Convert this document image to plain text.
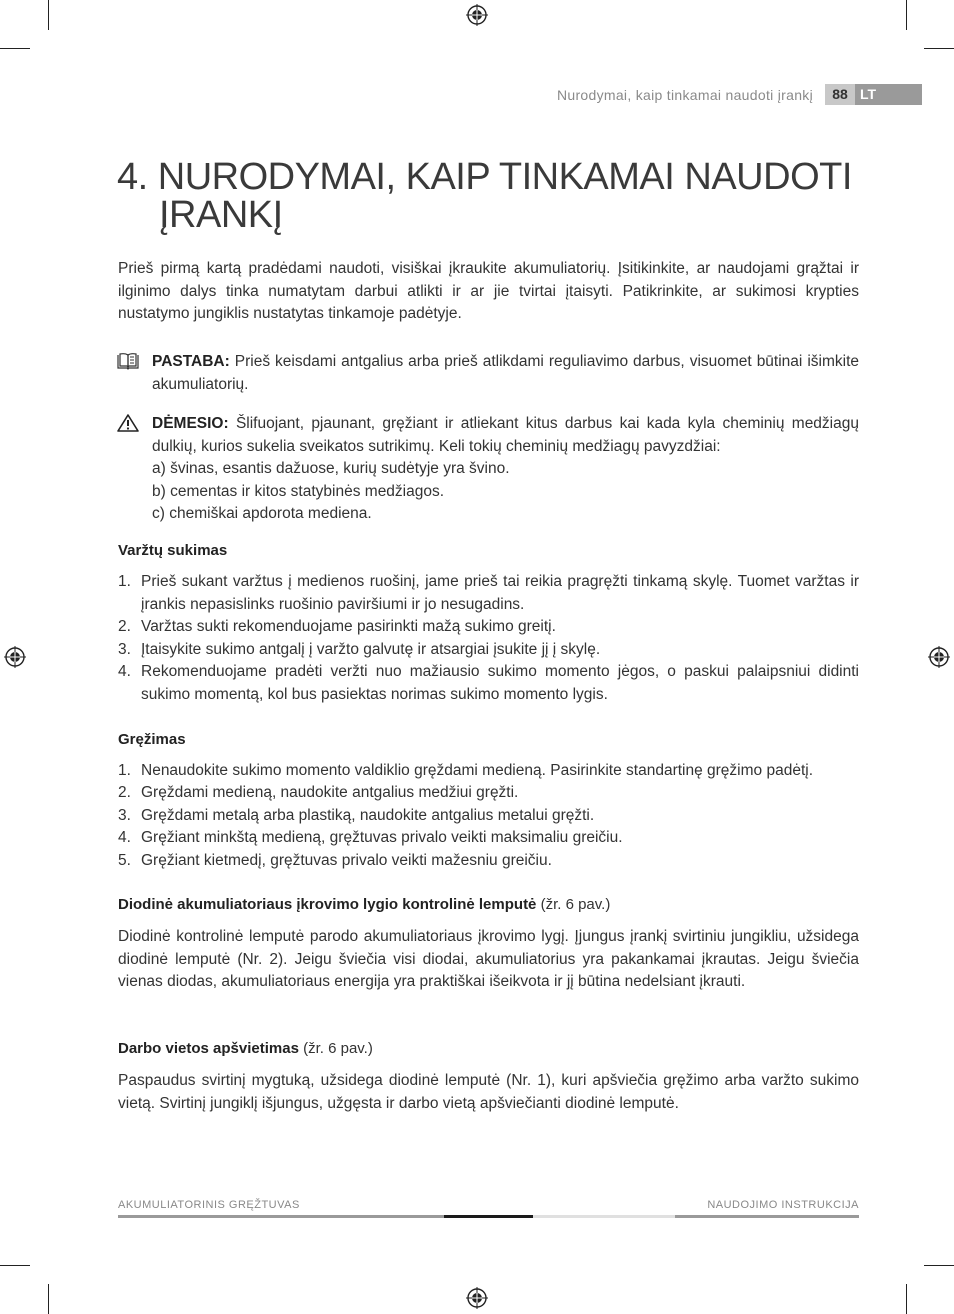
Nurodymai, kaip tinkamai naudoti įrankį	88 LT
4. NURODYMAI, KAIP TINKAMAI NAUDOTI
ĮRANKĮ
Prieš pirmą kartą pradėdami naudoti, visiškai įkraukite akumuliatorių. Įsitikinkite, ar naudojami grąžtai ir ilginimo dalys tinka numatytam darbui atlikti ir ar jie tvirtai įtaisyti. Patikrinkite, ar sukimosi krypties nustatymo jungiklis nustatytas tinkamoje padėtyje.
PASTABA: Prieš keisdami antgalius arba prieš atlikdami reguliavimo darbus, visuomet būtinai išimkite akumuliatorių.
DĖMESIO: Šlifuojant, pjaunant, gręžiant ir atliekant kitus darbus kai kada kyla cheminių medžiagų dulkių, kurios sukelia sveikatos sutrikimų. Keli tokių cheminių medžiagų pavyzdžiai:
a) švinas, esantis dažuose, kurių sudėtyje yra švino.
b) cementas ir kitos statybinės medžiagos.
c) chemiškai apdorota mediena.
Varžtų sukimas
1. Prieš sukant varžtus į medienos ruošinį, jame prieš tai reikia pragręžti tinkamą skylę. Tuomet varžtas ir įrankis nepasislinks ruošinio paviršiumi ir jo nesugadins.
2. Varžtas sukti rekomenduojame pasirinkti mažą sukimo greitį.
3. Įtaisykite sukimo antgalį į varžto galvutę ir atsargiai įsukite jį į skylę.
4. Rekomenduojame pradėti veržti nuo mažiausio sukimo momento jėgos, o paskui palaipsniui didinti sukimo momentą, kol bus pasiektas norimas sukimo momento lygis.
Gręžimas
1. Nenaudokite sukimo momento valdiklio gręždami medieną. Pasirinkite standartinę gręžimo padėtį.
2. Gręždami medieną, naudokite antgalius medžiui gręžti.
3. Gręždami metalą arba plastiką, naudokite antgalius metalui gręžti.
4. Gręžiant minkštą medieną, gręžtuvas privalo veikti maksimaliu greičiu.
5. Gręžiant kietmedį, gręžtuvas privalo veikti mažesniu greičiu.
Diodinė akumuliatoriaus įkrovimo lygio kontrolinė lemputė (žr. 6 pav.)
Diodinė kontrolinė lemputė parodo akumuliatoriaus įkrovimo lygį. Įjungus įrankį svirtiniu jungikliu, užsidega diodinė lemputė (Nr. 2). Jeigu šviečia visi diodai, akumuliatorius yra pakankamai įkrautas. Jeigu šviečia vienas diodas, akumuliatoriaus energija yra praktiškai išeikvota ir jį būtina nedelsiant įkrauti.
Darbo vietos apšvietimas (žr. 6 pav.)
Paspaudus svirtinį mygtuką, užsidega diodinė lemputė (Nr. 1), kuri apšviečia gręžimo arba varžto sukimo vietą. Svirtinį jungiklį išjungus, užgęsta ir darbo vietą apšviečianti diodinė lemputė.
AKUMULIATORINIS GRĘŽTUVAS	NAUDOJIMO INSTRUKCIJA
